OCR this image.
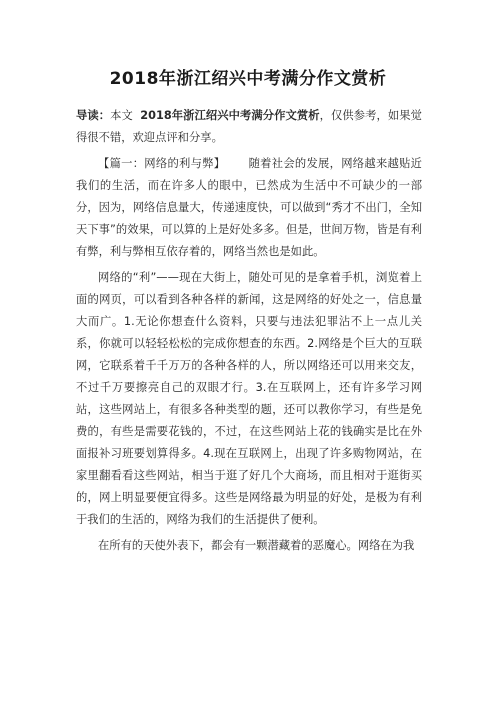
2018年浙江绍兴中考满分作文赏析

导读：本文 2018年浙江绍兴中考满分作文赏析，仅供参考，如果觉得很不错，欢迎点评和分享。

【篇一：网络的利与弊】 随着社会的发展，网络越来越贴近我们的生活，而在许多人的眼中，已然成为生活中不可缺少的一部分，因为，网络信息量大，传递速度快，可以做到“秀才不出门，全知天下事”的效果，可以算的上是好处多多。但是，世间万物，皆是有利有弊，利与弊相互依存着的，网络当然也是如此。

网络的“利”——现在大街上，随处可见的是拿着手机，浏览着上面的网页，可以看到各种各样的新闻，这是网络的好处之一，信息量大而广。1.无论你想查什么资料，只要与违法犯罪沾不上一点儿关系，你就可以轻轻松松的完成你想查的东西。2.网络是个巨大的互联网，它联系着千千万万的各种各样的人，所以网络还可以用来交友，不过千万要擦亮自己的双眼才行。3.在互联网上，还有许多学习网站，这些网站上，有很多各种类型的题，还可以教你学习，有些是免费的，有些是需要花钱的，不过，在这些网站上花的钱确实是比在外面报补习班要划算得多。4.现在互联网上，出现了许多购物网站，在家里翻看看这些网站，相当于逛了好几个大商场，而且相对于逛街买的，网上明显要便宜得多。这些是网络最为明显的好处，是极为有利于我们的生活的，网络为我们的生活提供了便利。

在所有的天使外表下，都会有一颗潜藏着的恶魔心。网络在为我
